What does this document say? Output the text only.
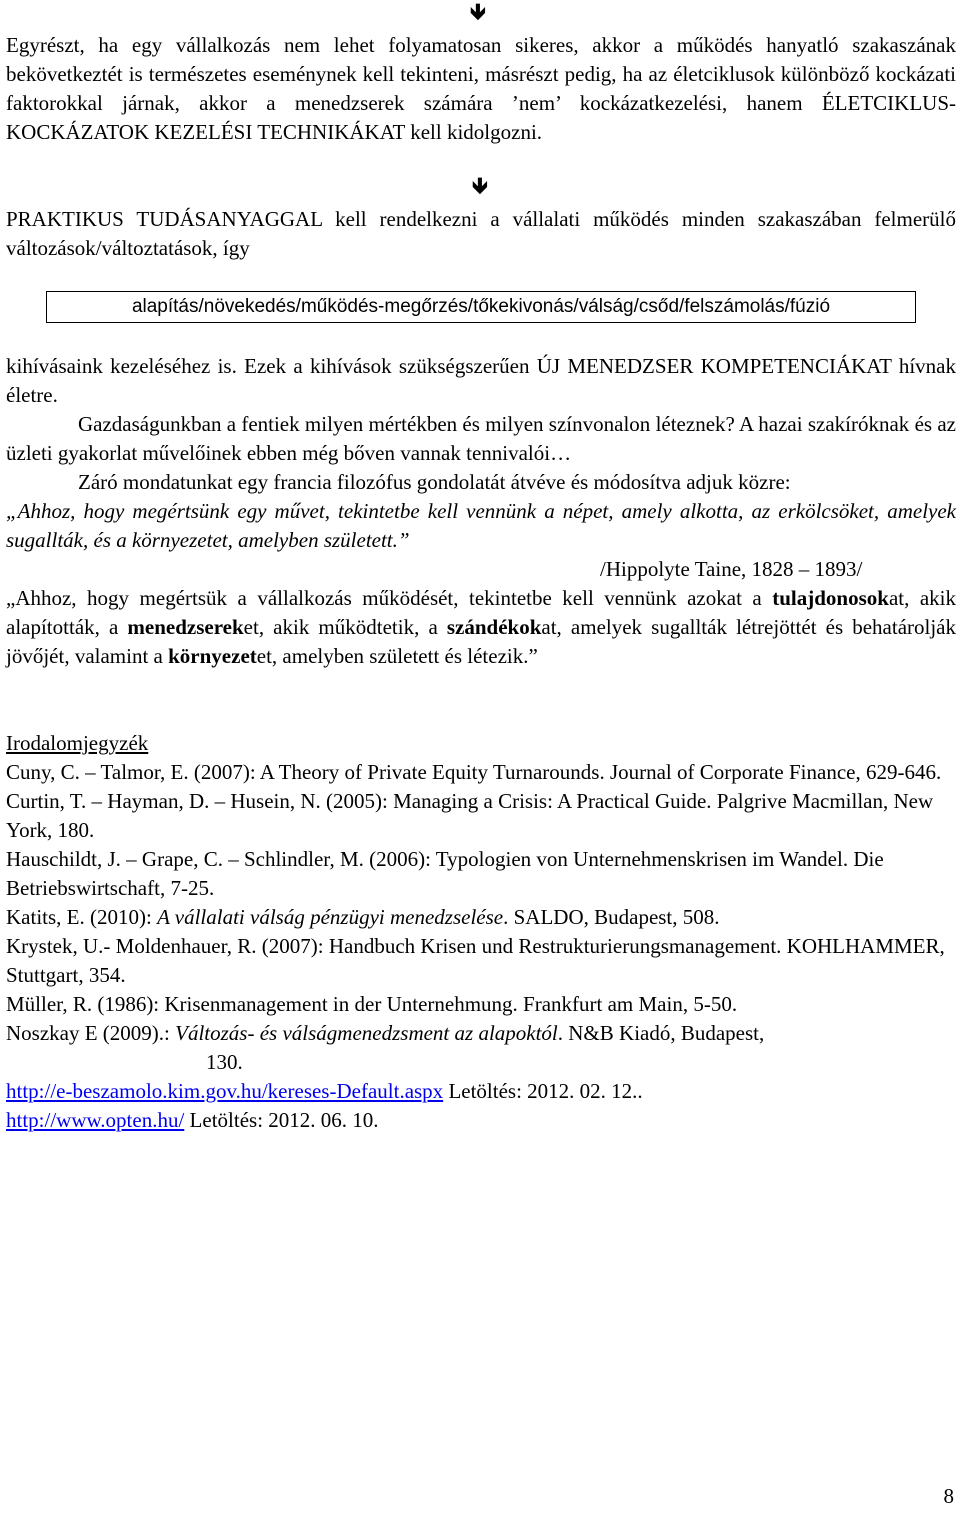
🡻

Egyrészt, ha egy vállalkozás nem lehet folyamatosan sikeres, akkor a működés hanyatló szakaszának bekövetkeztét is természetes eseménynek kell tekinteni, másrészt pedig, ha az életciklusok különböző kockázati faktorokkal járnak, akkor a menedzserek számára ’nem’ kockázatkezelési, hanem ÉLETCIKLUS-KOCKÁZATOK KEZELÉSI TECHNIKÁKAT kell kidolgozni.

🡻

PRAKTIKUS TUDÁSANYAGGAL kell rendelkezni a vállalati működés minden szakaszában felmerülő változások/változtatások, így

alapítás/növekedés/működés-megőrzés/tőkekivonás/válság/csőd/felszámolás/fúzió

kihívásaink kezeléséhez is. Ezek a kihívások szükségszerűen ÚJ MENEDZSER KOMPETENCIÁKAT hívnak életre.

Gazdaságunkban a fentiek milyen mértékben és milyen színvonalon léteznek? A hazai szakíróknak és az üzleti gyakorlat művelőinek ebben még bőven vannak tennivalói…

Záró mondatunkat egy francia filozófus gondolatát átvéve és módosítva adjuk közre:

„Ahhoz, hogy megértsünk egy művet, tekintetbe kell vennünk a népet, amely alkotta, az erkölcsöket, amelyek sugallták, és a környezetet, amelyben született.”

/Hippolyte Taine, 1828 – 1893/

„Ahhoz, hogy megértsük a vállalkozás működését, tekintetbe kell vennünk azokat a tulajdonosokat, akik alapították, a menedzsereket, akik működtetik, a szándékokat, amelyek sugallták létrejöttét és behatárolják jövőjét, valamint a környezetet, amelyben született és létezik.”

Irodalomjegyzék

Cuny, C. – Talmor, E. (2007): A Theory of Private Equity Turnarounds. Journal of Corporate Finance, 629-646.

Curtin, T. – Hayman, D. – Husein, N. (2005): Managing a Crisis: A Practical Guide. Palgrive Macmillan, New York, 180.

Hauschildt, J. – Grape, C. – Schlindler, M. (2006): Typologien von Unternehmenskrisen im Wandel. Die Betriebswirtschaft, 7-25.

Katits, E. (2010): A vállalati válság pénzügyi menedzselése. SALDO, Budapest, 508.

Krystek, U.- Moldenhauer, R. (2007): Handbuch Krisen und Restrukturierungsmanagement. KOHLHAMMER, Stuttgart, 354.

Müller, R. (1986): Krisenmanagement in der Unternehmung. Frankfurt am Main, 5-50.

Noszkay E (2009).: Változás- és válságmenedzsment az alapoktól. N&B Kiadó, Budapest,

130.

http://e-beszamolo.kim.gov.hu/kereses-Default.aspx Letöltés: 2012. 02. 12..

http://www.opten.hu/ Letöltés: 2012. 06. 10.

8
